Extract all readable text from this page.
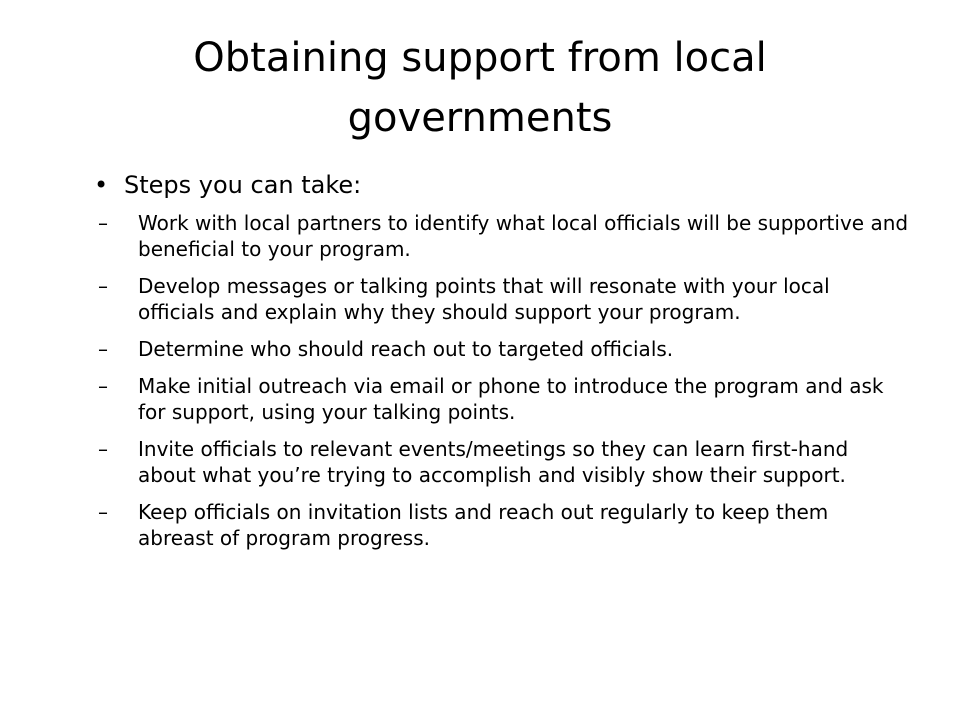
Obtaining support from local governments
• Steps you can take:
– Work with local partners to identify what local officials will be supportive and beneficial to your program.
– Develop messages or talking points that will resonate with your local officials and explain why they should support your program.
– Determine who should reach out to targeted officials.
– Make initial outreach via email or phone to introduce the program and ask for support, using your talking points.
– Invite officials to relevant events/meetings so they can learn first-hand about what you’re trying to accomplish and visibly show their support.
– Keep officials on invitation lists and reach out regularly to keep them abreast of program progress.
